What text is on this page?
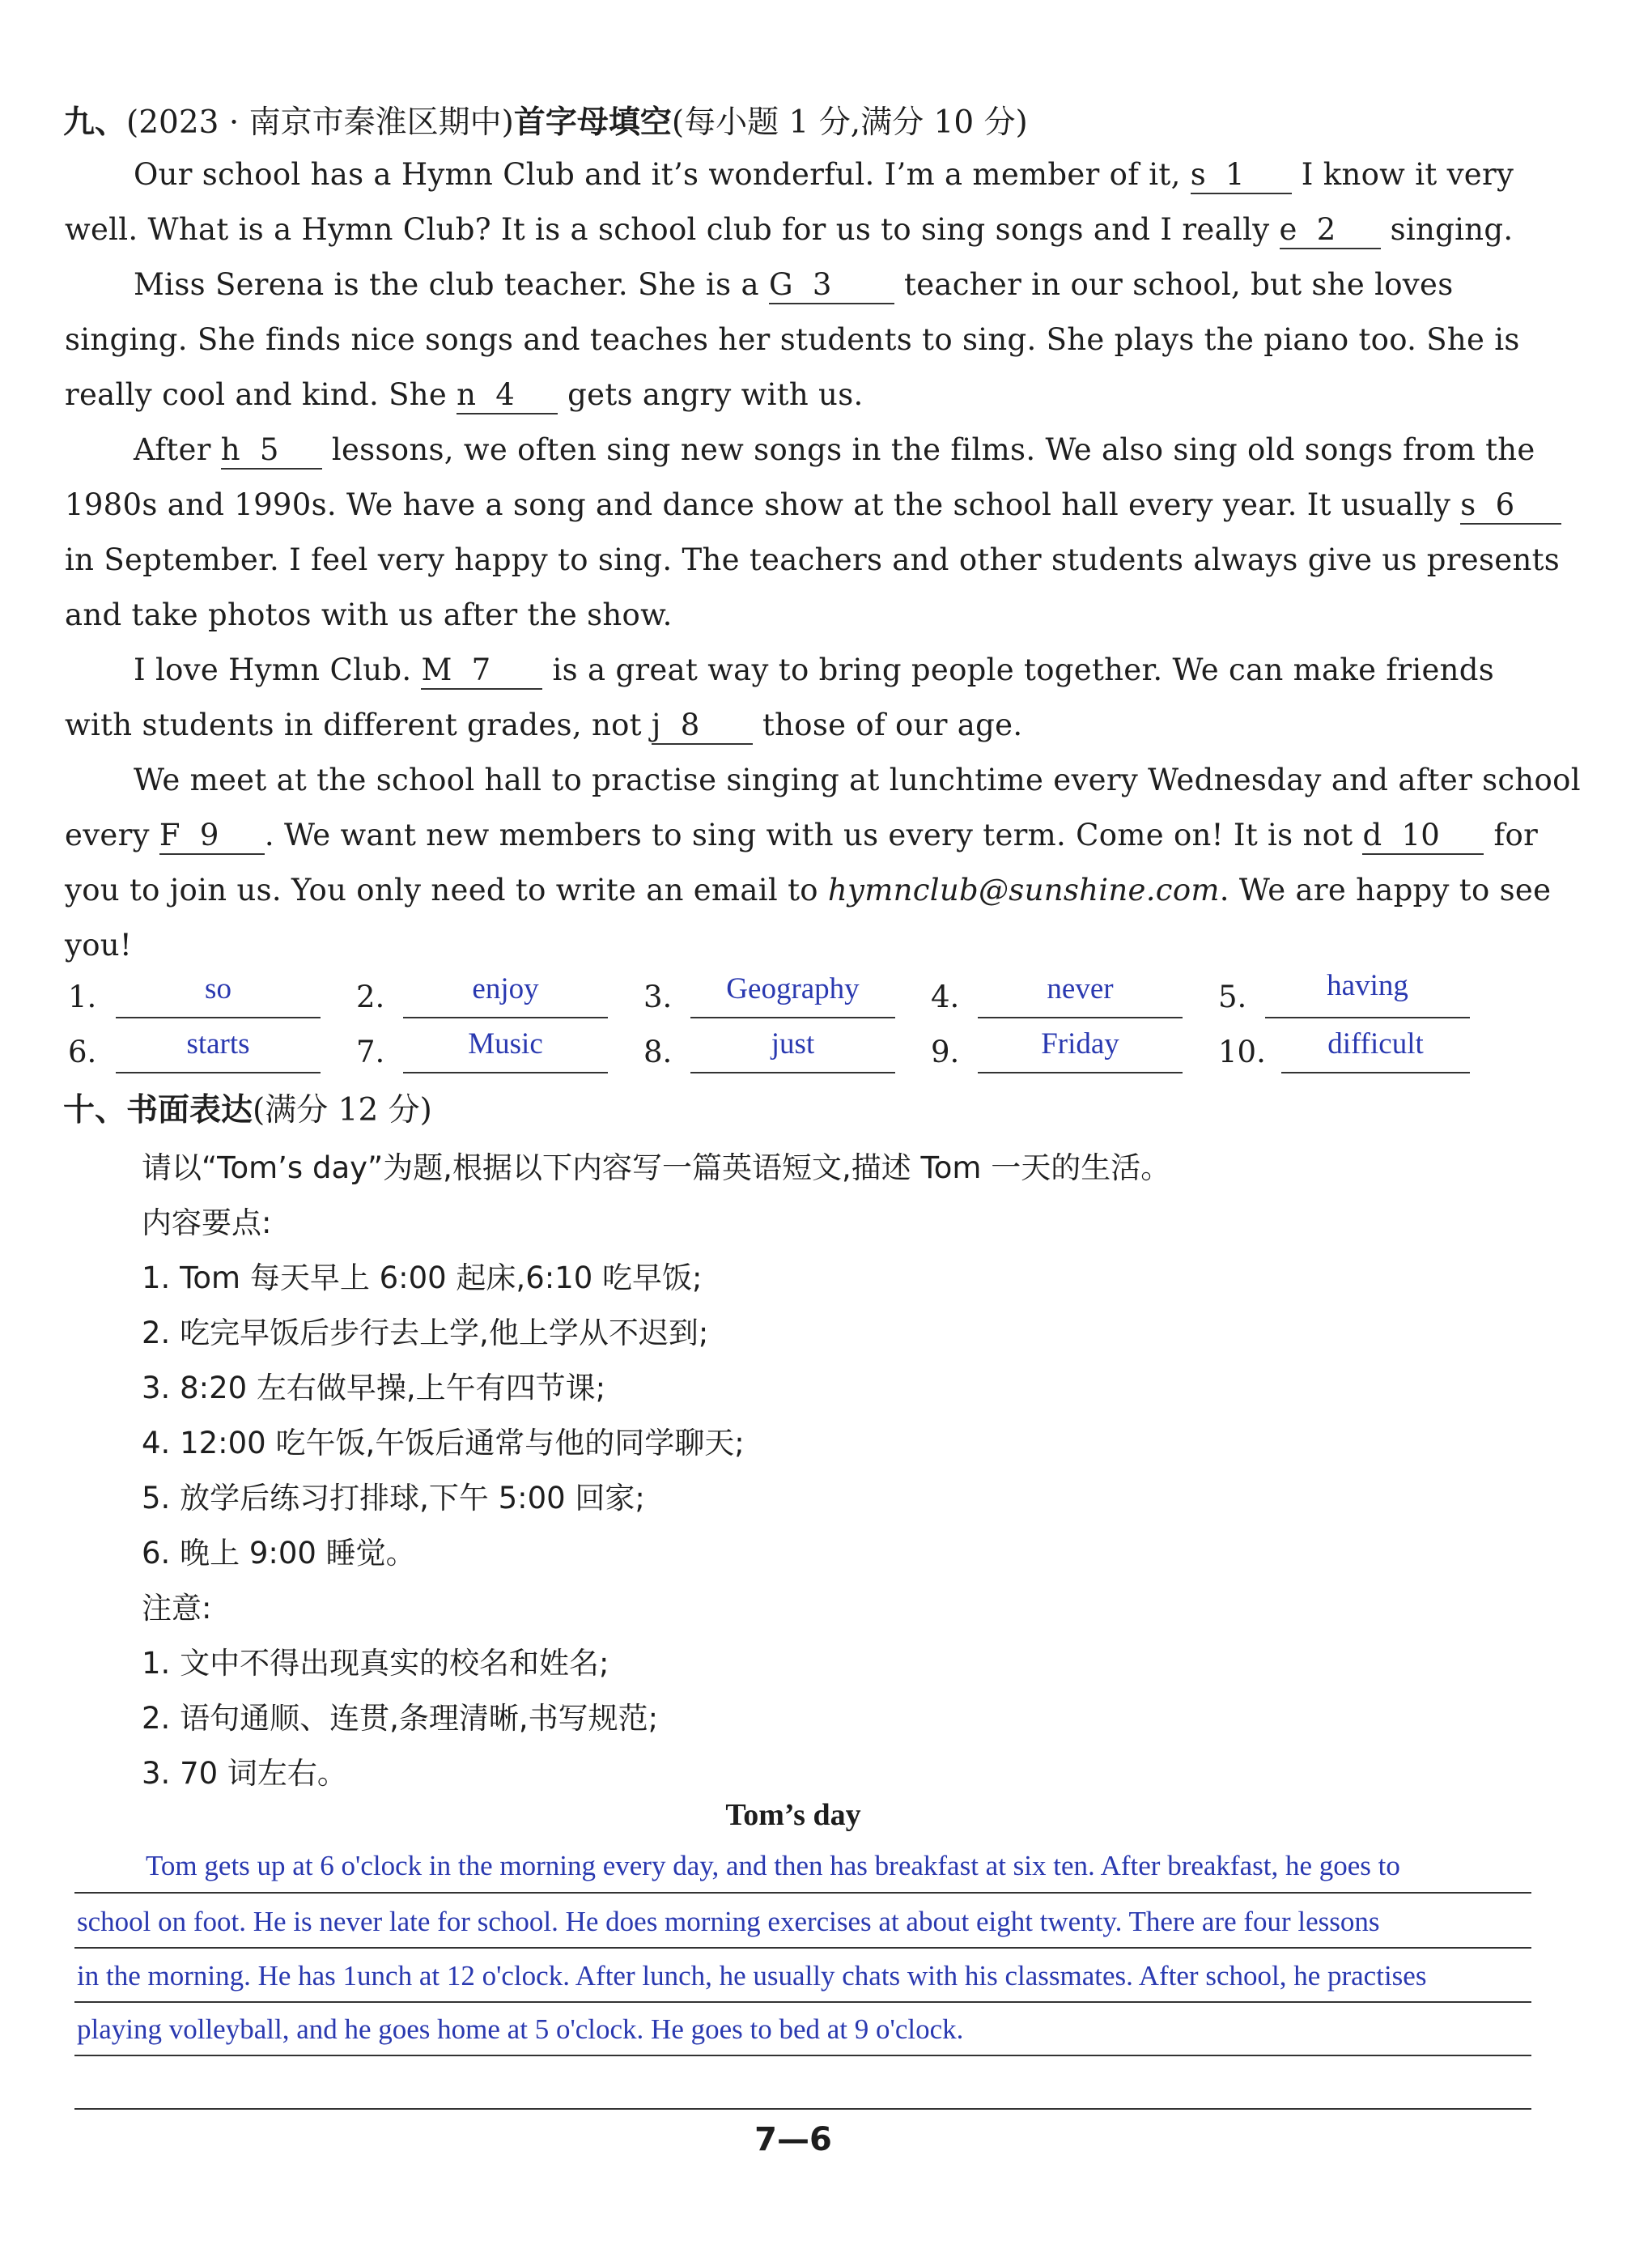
九、(2023 · 南京市秦淮区期中)首字母填空(每小题 1 分,满分 10 分)
Our school has a Hymn Club and it’s wonderful. I’m a member of it, s 1 I know it very
well. What is a Hymn Club? It is a school club for us to sing songs and I really e 2 singing.
Miss Serena is the club teacher. She is a G 3 teacher in our school, but she loves
singing. She finds nice songs and teaches her students to sing. She plays the piano too. She is
really cool and kind. She n 4 gets angry with us.
After h 5 lessons, we often sing new songs in the films. We also sing old songs from the
1980s and 1990s. We have a song and dance show at the school hall every year. It usually s 6
in September. I feel very happy to sing. The teachers and other students always give us presents
and take photos with us after the show.
I love Hymn Club. M 7 is a great way to bring people together. We can make friends
with students in different grades, not j 8 those of our age.
We meet at the school hall to practise singing at lunchtime every Wednesday and after school
every F 9 . We want new members to sing with us every term. Come on! It is not d 10 for
you to join us. You only need to write an email to hymnclub@sunshine.com. We are happy to see
you!
1.	so	2.	enjoy	3.	Geography	4.	never	5.	having
6.	starts	7.	Music	8.	just	9.	Friday	10.	difficult
十、书面表达(满分 12 分)
请以“Tom’s day”为题,根据以下内容写一篇英语短文,描述 Tom 一天的生活。
内容要点:
1. Tom 每天早上 6:00 起床,6:10 吃早饭;
2. 吃完早饭后步行去上学,他上学从不迟到;
3. 8:20 左右做早操,上午有四节课;
4. 12:00 吃午饭,午饭后通常与他的同学聊天;
5. 放学后练习打排球,下午 5:00 回家;
6. 晚上 9:00 睡觉。
注意:
1. 文中不得出现真实的校名和姓名;
2. 语句通顺、连贯,条理清晰,书写规范;
3. 70 词左右。
Tom’s day
Tom gets up at 6 o'clock in the morning every day, and then has breakfast at six ten. After breakfast, he goes to
school on foot. He is never late for school. He does morning exercises at about eight twenty. There are four lessons
in the morning. He has 1unch at 12 o'clock. After lunch, he usually chats with his classmates. After school, he practises
playing volleyball, and he goes home at 5 o'clock. He goes to bed at 9 o'clock.
7—6
